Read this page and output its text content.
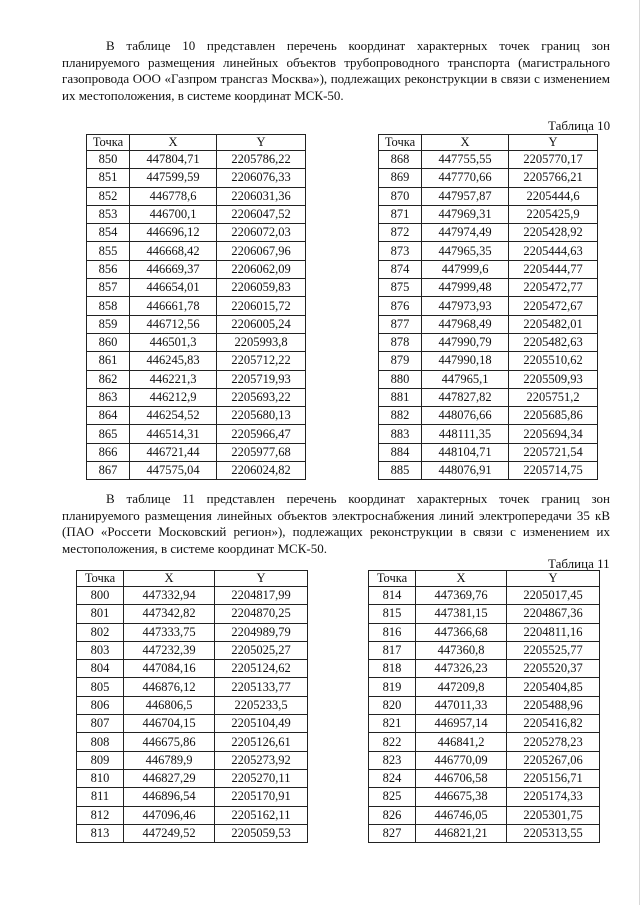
В таблице 10 представлен перечень координат характерных точек границ зон планируемого размещения линейных объектов трубопроводного транспорта (магистрального газопровода ООО «Газпром трансгаз Москва»), подлежащих реконструкции в связи с изменением их местоположения, в системе координат МСК-50.
Таблица 10
Точка	X	Y
850	447804,71	2205786,22
851	447599,59	2206076,33
852	446778,6	2206031,36
853	446700,1	2206047,52
854	446696,12	2206072,03
855	446668,42	2206067,96
856	446669,37	2206062,09
857	446654,01	2206059,83
858	446661,78	2206015,72
859	446712,56	2206005,24
860	446501,3	2205993,8
861	446245,83	2205712,22
862	446221,3	2205719,93
863	446212,9	2205693,22
864	446254,52	2205680,13
865	446514,31	2205966,47
866	446721,44	2205977,68
867	447575,04	2206024,82
Точка	X	Y
868	447755,55	2205770,17
869	447770,66	2205766,21
870	447957,87	2205444,6
871	447969,31	2205425,9
872	447974,49	2205428,92
873	447965,35	2205444,63
874	447999,6	2205444,77
875	447999,48	2205472,77
876	447973,93	2205472,67
877	447968,49	2205482,01
878	447990,79	2205482,63
879	447990,18	2205510,62
880	447965,1	2205509,93
881	447827,82	2205751,2
882	448076,66	2205685,86
883	448111,35	2205694,34
884	448104,71	2205721,54
885	448076,91	2205714,75
В таблице 11 представлен перечень координат характерных точек границ зон планируемого размещения линейных объектов электроснабжения линий электропередачи 35 кВ (ПАО «Россети Московский регион»), подлежащих реконструкции в связи с изменением их местоположения, в системе координат МСК-50.
Таблица 11
Точка	X	Y
800	447332,94	2204817,99
801	447342,82	2204870,25
802	447333,75	2204989,79
803	447232,39	2205025,27
804	447084,16	2205124,62
805	446876,12	2205133,77
806	446806,5	2205233,5
807	446704,15	2205104,49
808	446675,86	2205126,61
809	446789,9	2205273,92
810	446827,29	2205270,11
811	446896,54	2205170,91
812	447096,46	2205162,11
813	447249,52	2205059,53
Точка	X	Y
814	447369,76	2205017,45
815	447381,15	2204867,36
816	447366,68	2204811,16
817	447360,8	2205525,77
818	447326,23	2205520,37
819	447209,8	2205404,85
820	447011,33	2205488,96
821	446957,14	2205416,82
822	446841,2	2205278,23
823	446770,09	2205267,06
824	446706,58	2205156,71
825	446675,38	2205174,33
826	446746,05	2205301,75
827	446821,21	2205313,55
